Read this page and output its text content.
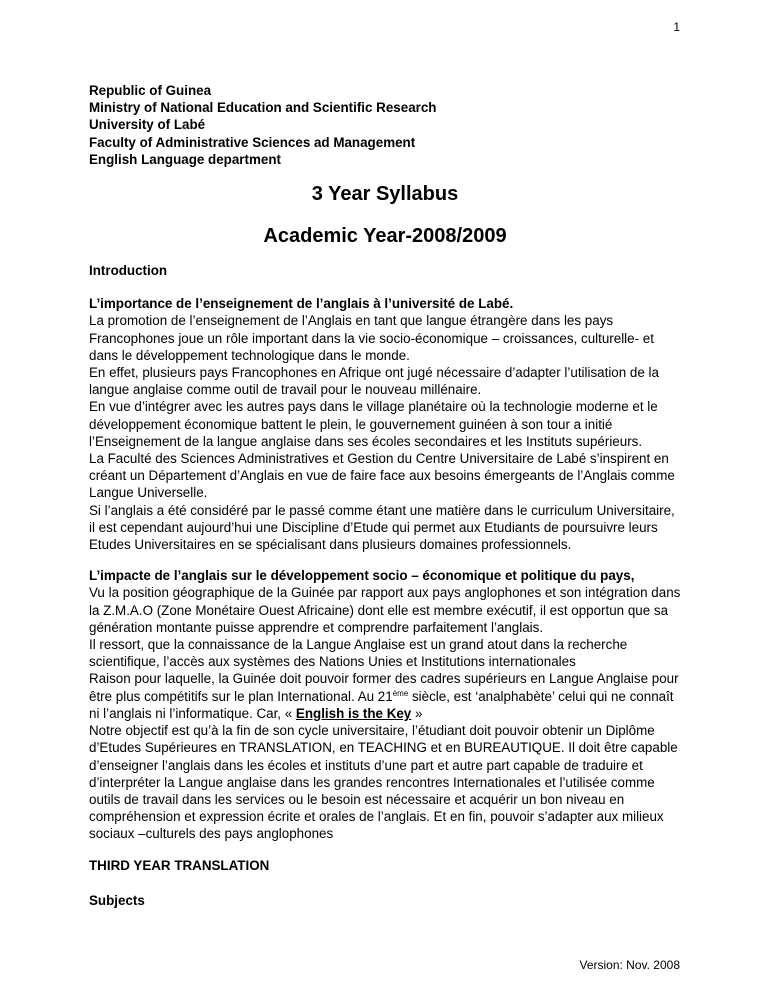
1

Republic of Guinea

Ministry of National Education and Scientific Research

University of Labé

Faculty of Administrative Sciences ad Management

English Language department

3 Year Syllabus
Academic Year-2008/2009

Introduction

L’importance de l’enseignement de l’anglais à l’université de Labé.

La promotion de l’enseignement de l’Anglais en tant que langue étrangère dans les pays Francophones joue un rôle important dans la vie socio-économique – croissances, culturelle- et dans le développement technologique dans le monde.

En effet, plusieurs pays Francophones en Afrique ont jugé nécessaire d’adapter l’utilisation de la langue anglaise comme outil de travail pour le nouveau millénaire.

En vue d’intégrer avec les autres pays dans le village planétaire où la technologie moderne et le développement économique battent le plein, le gouvernement guinéen à son tour a initié l’Enseignement de la langue anglaise dans ses écoles secondaires et les Instituts supérieurs.

La Faculté des Sciences Administratives et Gestion du Centre Universitaire de Labé s’inspirent en créant un Département d’Anglais en vue de faire face aux besoins émergeants de l’Anglais comme Langue Universelle.

Si l’anglais a été considéré par le passé comme étant une matière dans le curriculum Universitaire, il est cependant aujourd’hui une Discipline d’Etude qui permet aux Etudiants de poursuivre leurs Etudes Universitaires en se spécialisant dans plusieurs domaines professionnels.

L’impacte de l’anglais sur le développement socio – économique et politique du pays,

Vu la position géographique de la Guinée par rapport aux pays anglophones et son intégration dans la Z.M.A.O (Zone Monétaire Ouest Africaine) dont elle est membre exécutif, il est opportun que sa génération montante puisse apprendre et comprendre parfaitement l’anglais.

Il ressort, que la connaissance de la Langue Anglaise est un grand atout dans la recherche scientifique, l’accès aux systèmes des Nations Unies et Institutions internationales

Raison pour laquelle, la Guinée doit pouvoir former des cadres supérieurs en Langue Anglaise pour être plus compétitifs sur le plan International. Au 21ème siècle, est ‘analphabète’ celui qui ne connaît ni l’anglais ni l’informatique. Car, « English is the Key »

Notre objectif est qu’à la fin de son cycle universitaire, l’étudiant doit pouvoir obtenir un Diplôme d’Etudes Supérieures en TRANSLATION, en TEACHING et en BUREAUTIQUE. Il doit être capable d’enseigner l’anglais dans les écoles et instituts d’une part et autre part capable de traduire et d’interpréter la Langue anglaise dans les grandes rencontres Internationales et l’utilisée comme outils de travail dans les services ou le besoin est nécessaire et acquérir un bon niveau en compréhension et expression écrite et orales de l’anglais. Et en fin, pouvoir s’adapter aux milieux sociaux –culturels des pays anglophones

THIRD YEAR TRANSLATION

Subjects

Version: Nov. 2008
